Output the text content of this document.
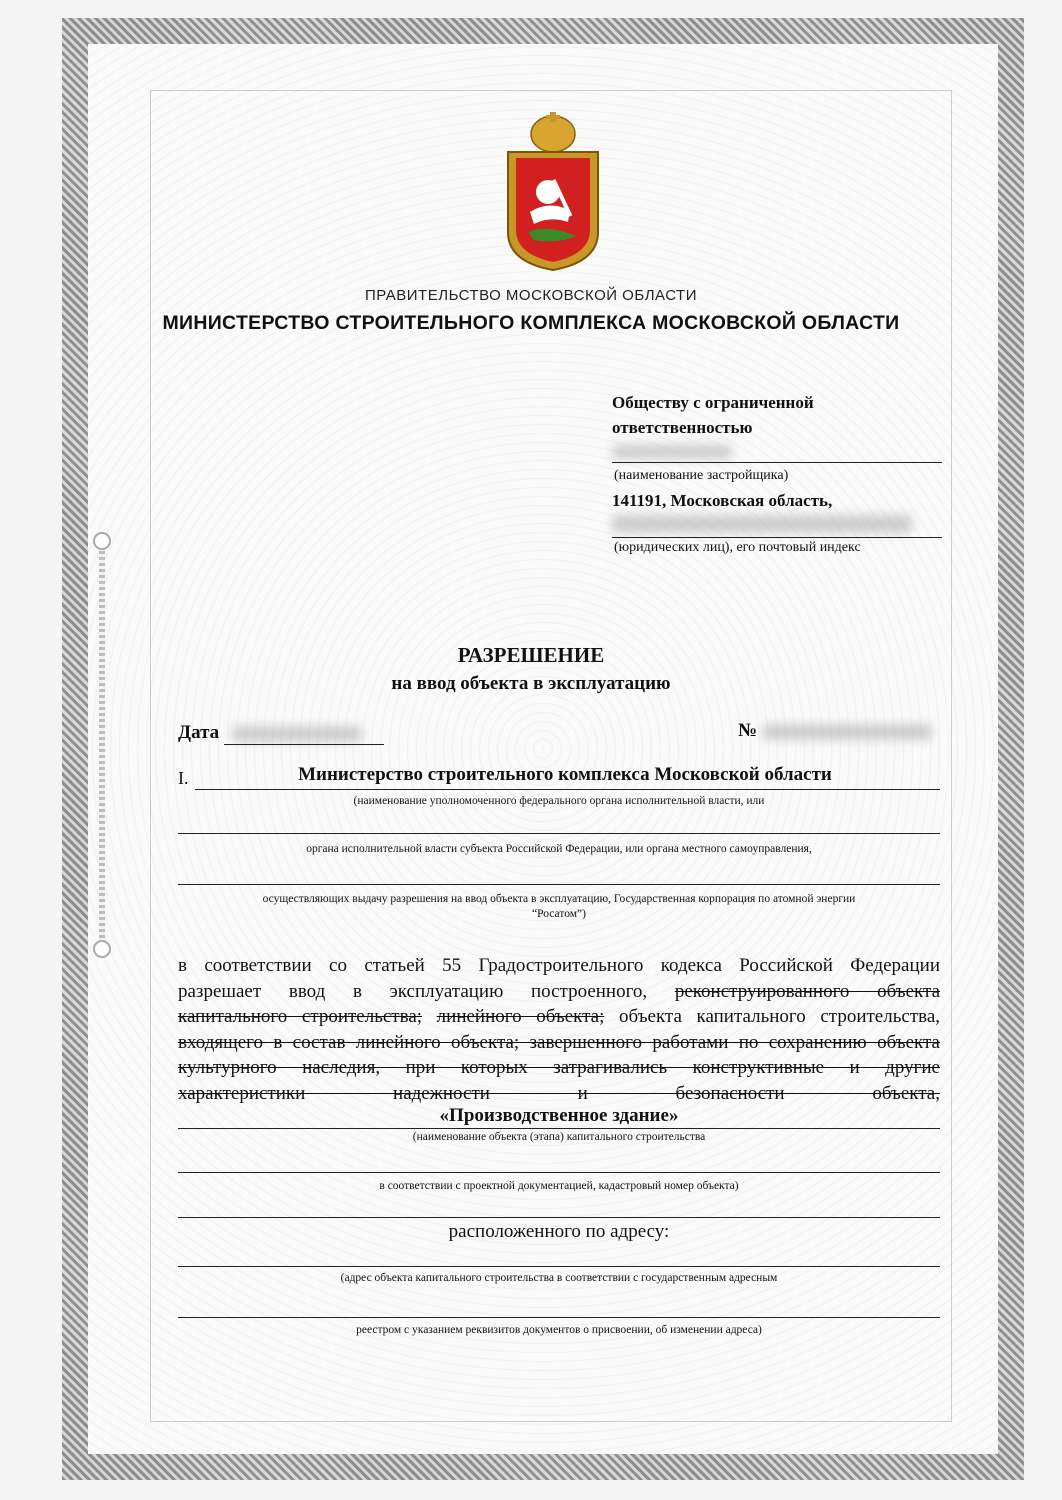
ПРАВИТЕЛЬСТВО МОСКОВСКОЙ ОБЛАСТИ
МИНИСТЕРСТВО СТРОИТЕЛЬНОГО КОМПЛЕКСА МОСКОВСКОЙ ОБЛАСТИ
Обществу с ограниченной
ответственностью
(наименование застройщика)
141191, Московская область,
(юридических лиц), его почтовый индекс
РАЗРЕШЕНИЕ
на ввод объекта в эксплуатацию
Дата	№
I.	Министерство строительного комплекса Московской области
(наименование уполномоченного федерального органа исполнительной власти, или
органа исполнительной власти субъекта Российской Федерации, или органа местного самоуправления,
осуществляющих выдачу разрешения на ввод объекта в эксплуатацию, Государственная корпорация по атомной энергии
“Росатом”)
в соответствии со статьей 55 Градостроительного кодекса Российской Федерации
разрешает ввод в эксплуатацию построенного, реконструированного объекта
капитального строительства; линейного объекта; объекта капитального строительства,
входящего в состав линейного объекта; завершенного работами по сохранению объекта
культурного наследия, при которых затрагивались конструктивные и другие
характеристики надежности и безопасности объекта,
«Производственное здание»
(наименование объекта (этапа) капитального строительства
в соответствии с проектной документацией, кадастровый номер объекта)
расположенного по адресу:
(адрес объекта капитального строительства в соответствии с государственным адресным
реестром с указанием реквизитов документов о присвоении, об изменении адреса)
